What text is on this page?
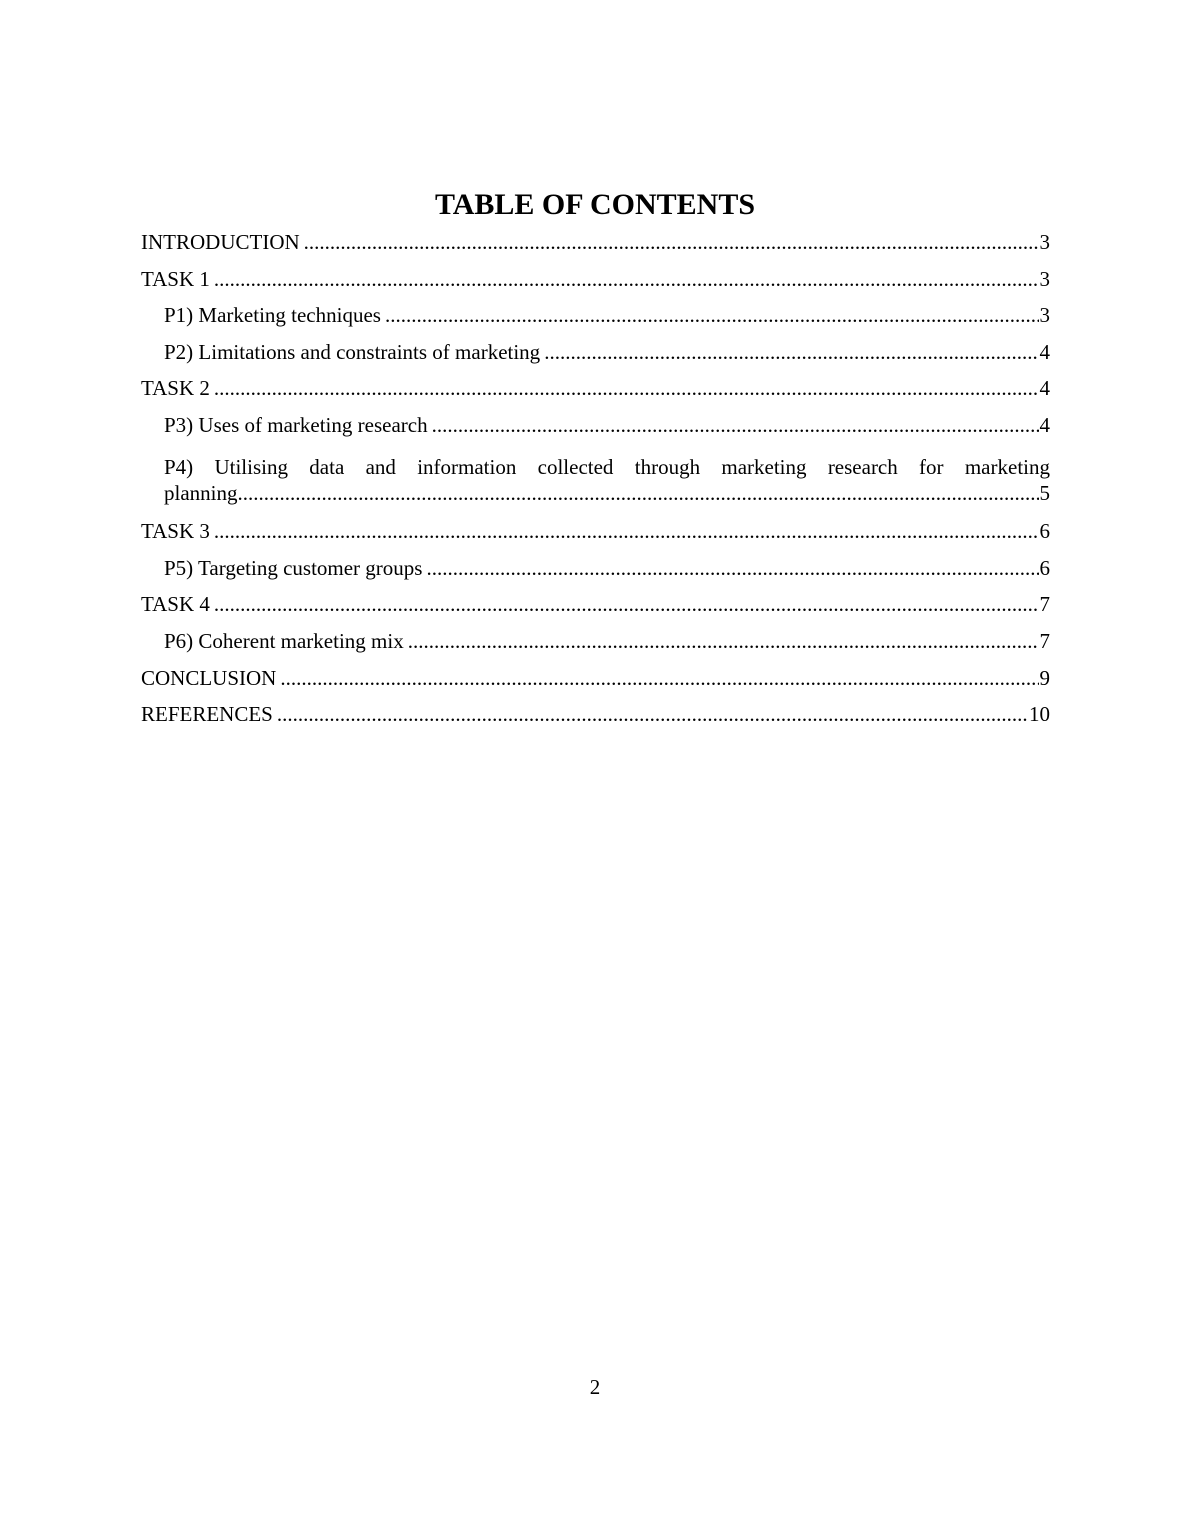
TABLE OF CONTENTS
INTRODUCTION .....	3
TASK 1 .....	3
P1) Marketing techniques .....	3
P2) Limitations and constraints of marketing .....	4
TASK 2 .....	4
P3) Uses of marketing research .....	4
P4) Utilising data and information collected through marketing research for marketing
planning .....	5
TASK 3 .....	6
P5) Targeting customer groups .....	6
TASK 4 .....	7
P6) Coherent marketing mix .....	7
CONCLUSION .....	9
REFERENCES .....	10
2
